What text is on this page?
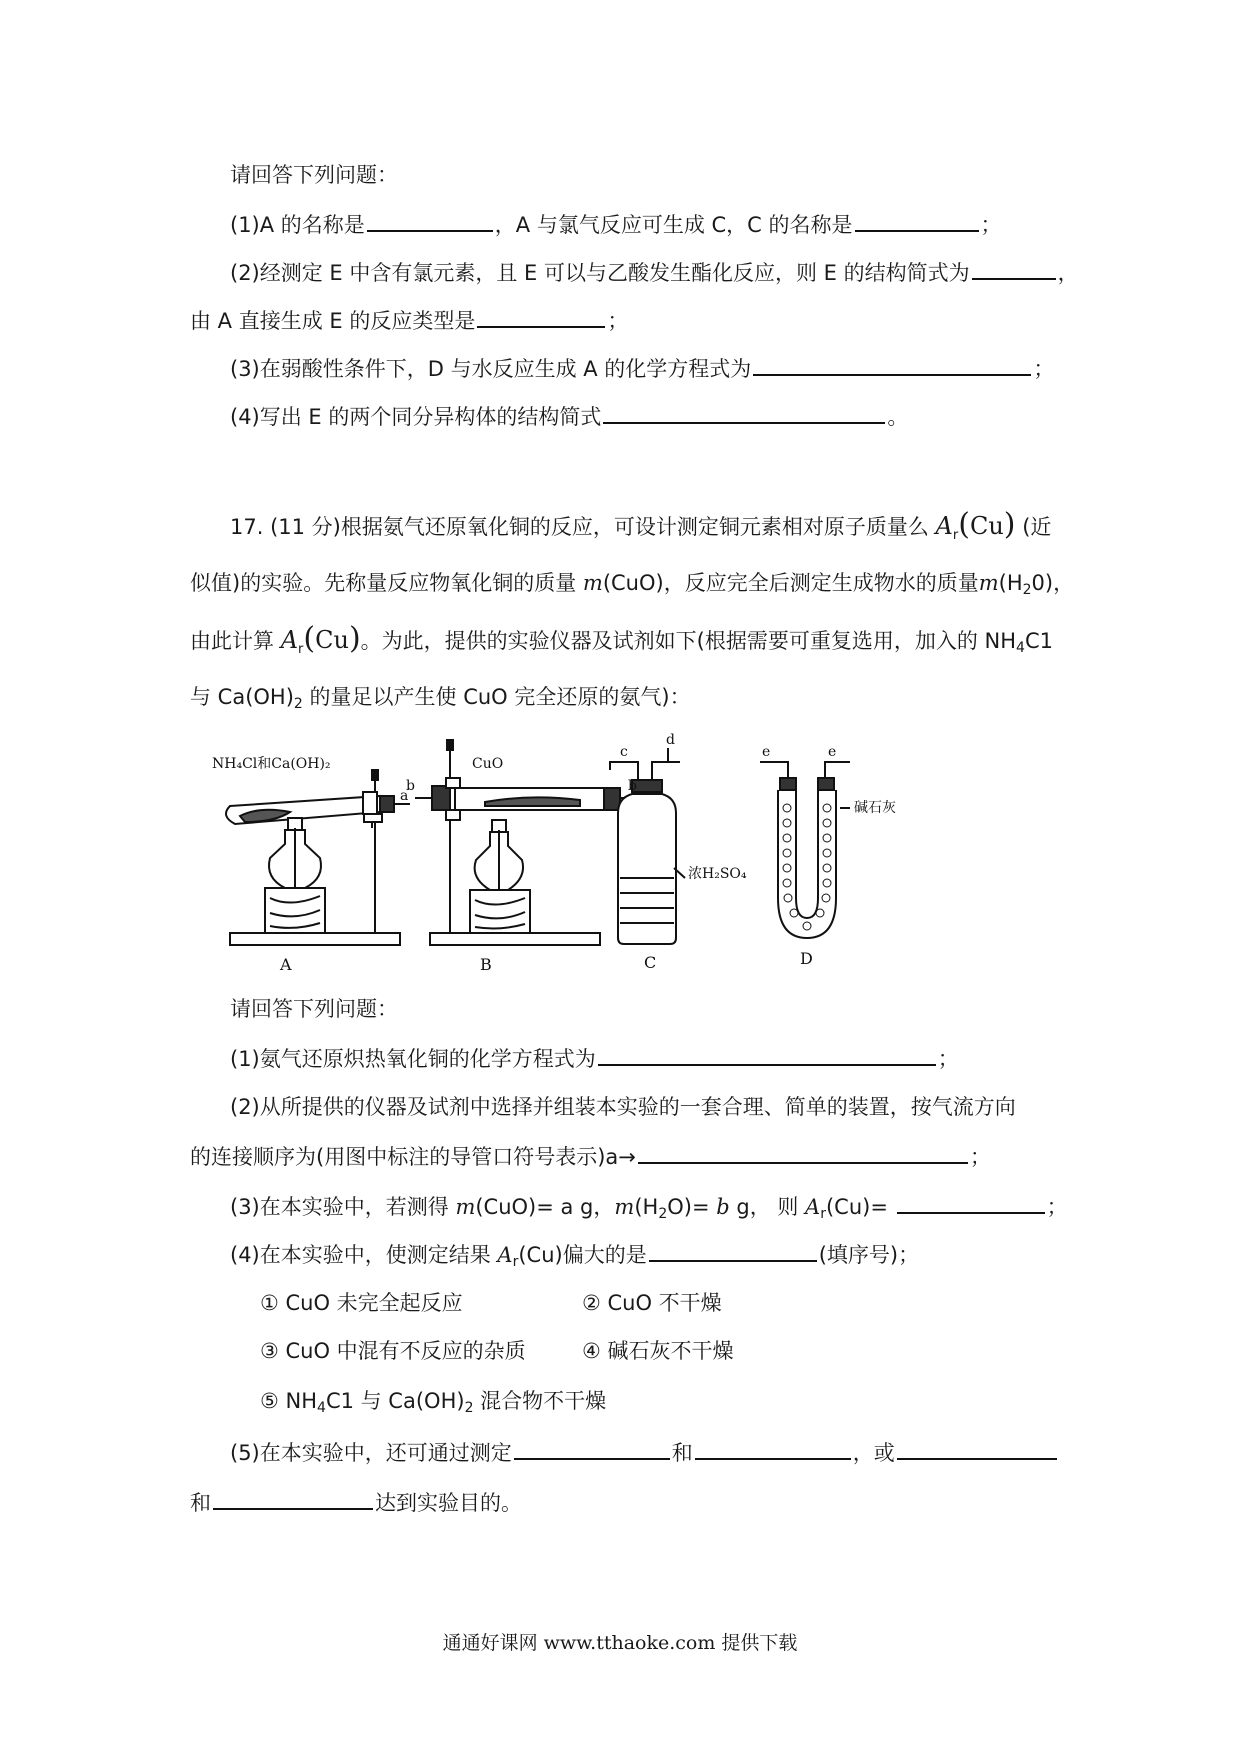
请回答下列问题：
(1)A 的名称是	，A 与氯气反应可生成 C，C 的名称是	；
(2)经测定 E 中含有氯元素，且 E 可以与乙酸发生酯化反应，则 E 的结构简式为	，
由 A 直接生成 E 的反应类型是	；
(3)在弱酸性条件下，D 与水反应生成 A 的化学方程式为	；
(4)写出 E 的两个同分异构体的结构简式	。
17. (11 分)根据氨气还原氧化铜的反应，可设计测定铜元素相对原子质量么 $A_r(Cu)$ (近
似值)的实验。先称量反应物氧化铜的质量 m(CuO)，反应完全后测定生成物水的质量$m(H_20)$，
由此计算 $A_r(Cu)$。为此，提供的实验仪器及试剂如下(根据需要可重复选用，加入的 $NH_4C1$
与 $Ca(OH)_2$ 的量足以产生使 CuO 完全还原的氨气)：
NH₄Cl和Ca(OH)₂
a
A
CuO
b	b
B
c
d
浓H₂SO₄
C
e	e
碱石灰
D
请回答下列问题：
(1)氨气还原炽热氧化铜的化学方程式为	；
(2)从所提供的仪器及试剂中选择并组装本实验的一套合理、简单的装置，按气流方向
的连接顺序为(用图中标注的导管口符号表示)a→	；
(3)在本实验中，若测得 m(CuO)= a g，$m(H_2O)= b$ g， 则 $A_r(Cu)=$	；
(4)在本实验中，使测定结果 $A_r(Cu)$偏大的是	(填序号)；
① CuO 未完全起反应	② CuO 不干燥
③ CuO 中混有不反应的杂质	④ 碱石灰不干燥
⑤ $NH_4C1$ 与 $Ca(OH)_2$ 混合物不干燥
(5)在本实验中，还可通过测定	和	，或
和	达到实验目的。
通通好课网 www.tthaoke.com 提供下载
